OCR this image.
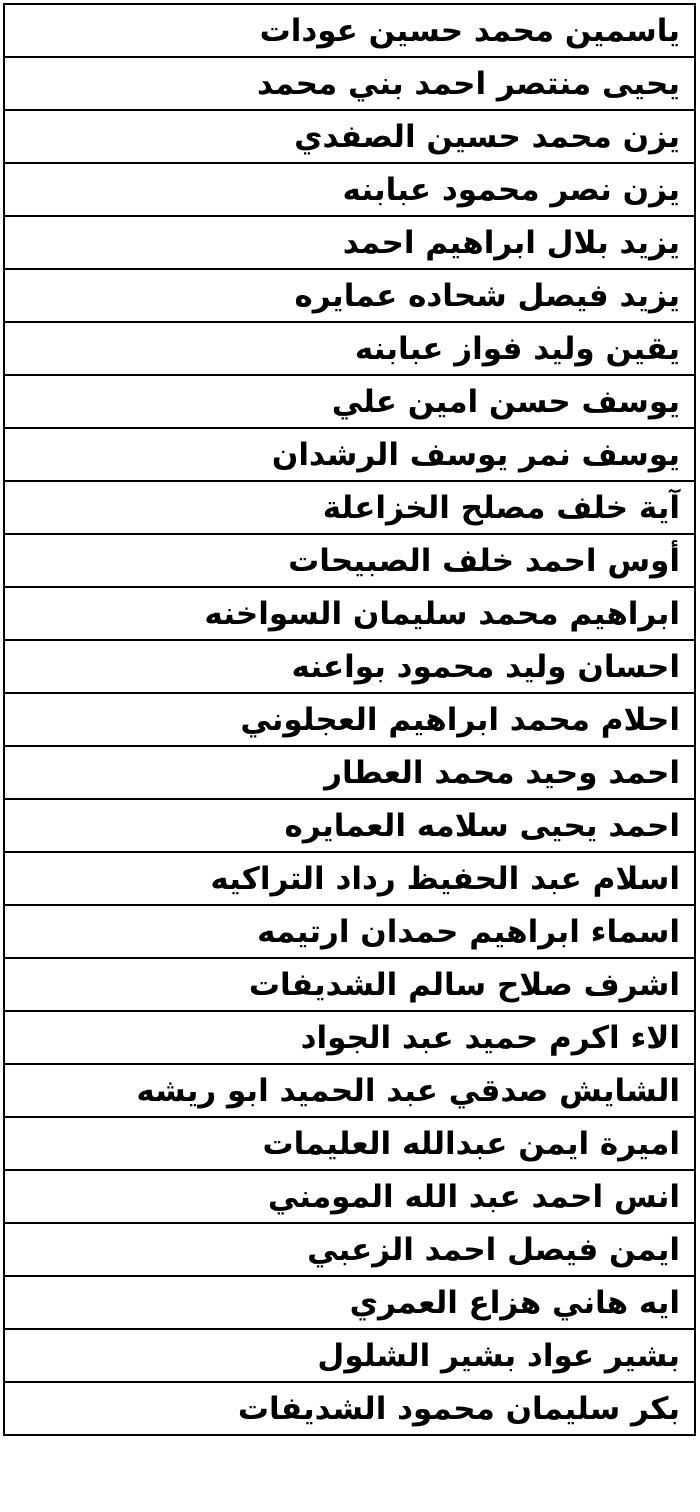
ياسمين محمد حسين عودات
يحيى منتصر احمد بني محمد
يزن محمد حسين الصفدي
يزن نصر محمود عبابنه
يزيد بلال ابراهيم احمد
يزيد فيصل شحاده عمايره
يقين وليد فواز عبابنه
يوسف حسن امين علي
يوسف نمر يوسف الرشدان
آية خلف مصلح الخزاعلة
أوس احمد خلف الصبيحات
ابراهيم محمد سليمان السواخنه
احسان وليد محمود بواعنه
احلام محمد ابراهيم العجلوني
احمد وحيد محمد العطار
احمد يحيى سلامه العمايره
اسلام عبد الحفيظ رداد التراكيه
اسماء ابراهيم حمدان ارتيمه
اشرف صلاح سالم الشديفات
الاء اكرم حميد عبد الجواد
الشايش صدقي عبد الحميد ابو ريشه
اميرة ايمن عبدالله العليمات
انس احمد عبد الله المومني
ايمن فيصل احمد الزعبي
ايه هاني هزاع العمري
بشير عواد بشير الشلول
بكر سليمان محمود الشديفات
